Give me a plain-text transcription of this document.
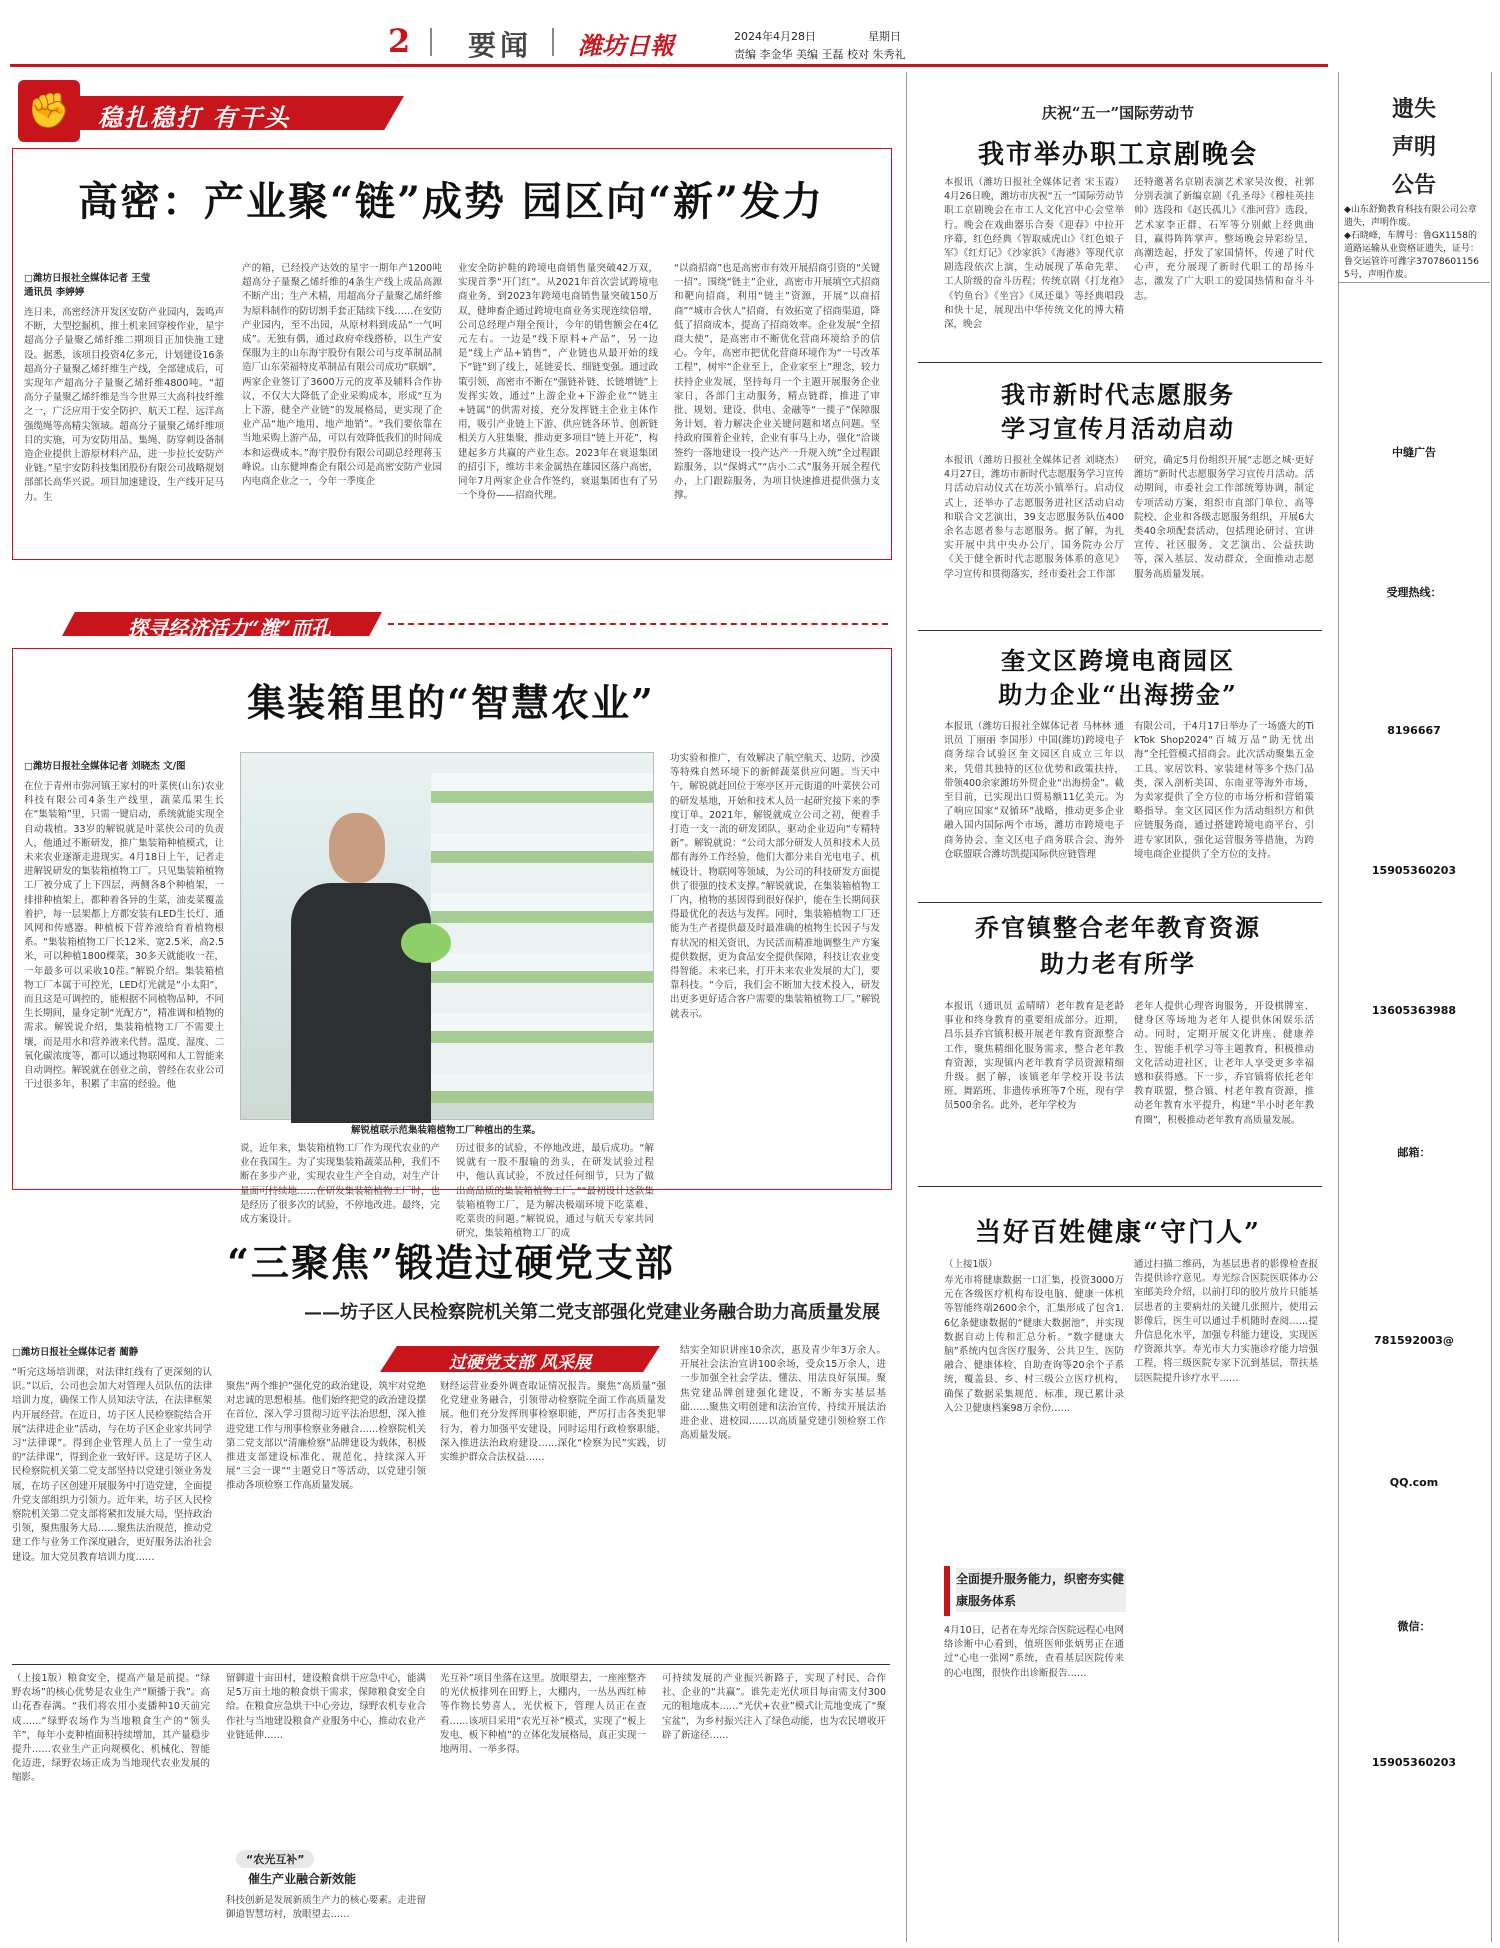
2 要闻 潍坊日報	2024年4月28日	星期日
责编 李金华 美编 王磊 校对 朱秀礼
✊	稳扎稳打 有干头
高密：产业聚“链”成势 园区向“新”发力
□潍坊日报社全媒体记者 王莹
通讯员 李婷婷
连日来，高密经济开发区安防产业园内，轰鸣声不断，大型挖掘机、推土机来回穿梭作业，星宇超高分子量聚乙烯纤维二期项目正加快施工建设。据悉，该项目投资4亿多元，计划建设16条超高分子量聚乙烯纤维生产线，全部建成后，可实现年产超高分子量聚乙烯纤维4800吨。“超高分子量聚乙烯纤维是当今世界三大高科技纤维之一，广泛应用于安全防护、航天工程、远洋高强缆绳等高精尖领域。超高分子量聚乙烯纤维项目的实施，可为安防用品、集绳、防穿刺设备制造企业提供上游原材料产品，进一步拉长安防产业链。”星宇安防科技集团股份有限公司战略规划部部长高华兴说。项目加速建设，生产线开足马力。生
产的箱，已经投产达效的星宇一期年产1200吨超高分子量聚乙烯纤维的4条生产线上成品高源不断产出；生产术精，用超高分子量聚乙烯纤维为原料制作的防切割手套正陆续下线……在安防产业园内，至不出园，从原材料到成品“一气呵成”。无独有偶，通过政府牵线搭桥，以生产安保服为主的山东海宇股份有限公司与皮革制品制造厂山东荣福特皮革制品有限公司成功“联姻”，两家企业签订了3600万元的皮革及辅料合作协议，不仅大大降低了企业采购成本，形成“互为上下游，健全产业链”的发展格局，更实现了企业产品“地产地用、地产地销”。“我们要依靠在当地采购上游产品，可以有效降低我们的时间成本和运费成本。”海宇股份有限公司副总经理蒋玉峰说。山东健坤畜企有限公司是高密安防产业园内电商企业之一，今年一季度企
业安全防护鞋的跨境电商销售量突破42万双，实现首季“开门红”。从2021年首次尝试跨境电商业务，到2023年跨境电商销售量突破150万双，健坤畜企通过跨境电商业务实现连续倍增，公司总经理卢翔全预计，今年的销售额会在4亿元左右。一边是“线下原料+产品”，另一边是“线上产品+销售”，产业链也从最开始的线下“链”到了线上，延链妥长、细链变强。通过政策引领，高密市不断在“强链补链、长链增链”上发挥实效，通过“上游企业+下游企业”“链主+链属”的供需对接，充分发挥链主企业主体作用，吸引产业链上下游、供应链各环节、创新链相关方入驻集聚，推动更多项目“链上开花”，构建起多方共赢的产业生态。2023年在衰退集团的招引下，维坊丰来金属热在雄园区落户高密，同年7月两家企业合作签约，衰退集团也有了另一个身份——招商代理。
“以商招商”也是高密市有效开展招商引资的“关键一招”。围绕“链主”企业，高密市开展填空式招商和靶向招商，利用“链主”资源，开展“以商招商”“城市合伙人”招商，有效拓宽了招商渠道，降低了招商成本，提高了招商效率。企业发展“全招商大使”，是高密市不断优化营商环境给予的信心。今年，高密市把优化营商环境作为“一号改革工程”，树牢“企业至上，企业家至上”理念，较力扶持企业发展，坚持每月一个主题开展服务企业家日，各部门主动服务，精点链群，推进了审批、规划、建设、供电、金融等“一揽子”保障服务计划，着力解决企业关键问题和堵点问题。坚持政府围着企业转，企业有事马上办，强化“洽谈签约一落地建设一投产达产一升规入统”全过程跟踪服务，以“保姆式”“店小二式”服务开展全程代办，上门跟踪服务，为项目快速推进提供强力支撑。
探寻经济活力“潍”而孔
集装箱里的“智慧农业”
□潍坊日报社全媒体记者 刘晓杰 文/图
在位于青州市弥河镇王家村的叶菜侠(山东)农业科技有限公司4条生产线里，蔬菜瓜果生长在“集装箱”里，只需一键启动，系统就能实现全自动栽植。33岁的解锐就是叶菜侠公司的负责人，他通过不断研发，推广集装箱种植模式，让未来农业逐渐走进现实。4月18日上午，记者走进解锐研发的集装箱植物工厂。只见集装箱植物工厂被分成了上下四层，两侧各8个种植架，一排排种植架上，都种着各异的生菜，油麦菜覆盖着护，每一层架都上方都安装有LED生长灯、通风网和传感器。种植板下营养液给育着植物根系。“集装箱植物工厂长12米、宽2.5米，高2.5米，可以种植1800棵菜，30多天就能收一茬，一年最多可以采收10茬。”解锐介绍。集装箱植物工厂本属于可控光，LED灯光就是“小太阳”，而且这是可调控的，能根据不同植物品种，不同生长期间，量身定制“光配方”，精准调和植物的需求。解锐说介绍，集装箱植物工厂不需要土壤，而是用水和营养液来代替。温度、湿度、二氧化碳浓度等，都可以通过物联网和人工智能来自动调控。解锐就在创业之前，曾经在农业公司干过很多年，积累了丰富的经验。他
解锐植联示范集装箱植物工厂种植出的生菜。
说，近年来，集装箱植物工厂作为现代农业的产业在我国生。为了实现集装箱蔬菜品种，我们不断在多步产业，实现农业生产全自动，对生产计量面可持续地……在研发集装箱植物工厂时，也是经历了很多次的试验，不停地改进。最终，完成方案设计。
历过很多的试验，不停地改进，最后成功。“解锐就有一股不服输的劲头，在研发试验过程中，他认真试验，不放过任何细节，只为了做出高品质的集装箱植物工厂。”“最初设计这款集装箱植物工厂，是为解决极端环境下吃菜难、吃菜贵的问题。”解锐说，通过与航天专家共同研究，集装箱植物工厂的成
功实验和推广，有效解决了航空航天、边防、沙漠等特殊自然环境下的新鲜蔬菜供应问题。当天中午，解锐就赶回位于寒亭区开元街道的叶菜侠公司的研发基地，开始和技术人员一起研究接下来的季度订单。2021年，解锐就成立公司之初，便着手打造一支一流的研发团队，驱动企业迈向“专精特新”。解锐就说：“公司大部分研发人员和技术人员都有海外工作经验，他们大都分来自光电电子、机械设计、物联网等领域，为公司的科技研发方面提供了很强的技术支撑。”解锐就说，在集装箱植物工厂内，植物的基因得到很好保护，能在生长期间获得最优化的表达与发挥。同时，集装箱植物工厂还能为生产者提供最及时最准确的植物生长因子与发育状况的相关资讯，为民活而精准地调整生产方案提供数据，更为食品安全提供保障，科技让农业变得智能。未来已来，打开未来农业发展的大门，要靠科技。“今后，我们会不断加大技术投入，研发出更多更好适合客户需要的集装箱植物工厂。”解锐就表示。
“三聚焦”锻造过硬党支部
——坊子区人民检察院机关第二党支部强化党建业务融合助力高质量发展
□潍坊日报社全媒体记者 蔺静
过硬党支部 风采展
“听完这场培训课，对法律红线有了更深刻的认识。”以后，公司也会加大对管理人员队伍的法律培训力度，确保工作人员知法守法，在法律框架内开展经营。在近日，坊子区人民检察院结合开展“法律进企业”活动，与在坊子区企业家共同学习“法律课”。得到企业管理人员上了一堂生动的“法律课”，得到企业一致好评。这是坊子区人民检察院机关第二党支部坚持以党建引领业务发展，在坊子区创建开展服务中打造党建，全面提升党支部组织力引领力。近年来，坊子区人民检察院机关第二党支部将紧扣发展大局，坚持政治引领，聚焦服务大局……聚焦法治规范，推动党建工作与业务工作深度融合，更好服务法治社会建设。加大党员教育培训力度……
聚焦“两个维护”强化党的政治建设，筑牢对党绝对忠诚的思想根基。他们始终把党的政治建设摆在首位，深入学习贯彻习近平法治思想，深入推进党建工作与刑事检察业务融合……检察院机关第二党支部以“清廉检察”品牌建设为载体，积极推进支部建设标准化、规范化，持续深入开展“三会一课”“主题党日”等活动，以党建引领推动各项检察工作高质量发展。
财经运营业委外调查取证情况报告。聚焦“高质量”强化党建业务融合，引领带动检察院全面工作高质量发展。他们充分发挥刑事检察职能，严厉打击各类犯罪行为，着力加强平安建设，同时运用行政检察职能，深入推进法治政府建设……深化“检察为民”实践，切实维护群众合法权益……
结实全知识讲座10余次，惠及青少年3万余人。开展社会法治宣讲100余场，受众15万余人，进一步加强全社会学法、懂法、用法良好氛围。聚焦党建品牌创建强化建设，不断夯实基层基础……聚焦文明创建和法治宣传，持续开展法治进企业、进校园……以高质量党建引领检察工作高质量发展。
（上接1版）粮食安全，提高产量是前提。“绿野农场”的核心优势是农业生产“顺播于我”。高山花香春满。“我们将农用小麦播种10天前完成……”绿野农场作为当地粮食生产的“领头羊”，每年小麦种植面积持续增加，其产量稳步提升……农业生产正向规模化、机械化、智能化迈进，绿野农场正成为当地现代农业发展的缩影。
留御道十亩田村，建设粮食烘干应急中心，能满足5万亩土地的粮食烘干需求，保障粮食安全自给。在粮食应急烘干中心旁边，绿野农机专业合作社与当地建设粮食产业服务中心，推动农业产业链延伸……
“农光互补”
催生产业融合新效能
科技创新是发展新质生产力的核心要素。走进留御道智慧坊村，放眼望去……
光互补”项目坐落在这里。放眼望去，一座座整齐的光伏板排列在田野上，大棚内，一丛丛西红柿等作物长势喜人，光伏板下，管理人员正在查看……该项目采用“农光互补”模式，实现了“板上发电、板下种植”的立体化发展格局，真正实现一地两用、一举多得。
可持续发展的产业振兴新路子，实现了村民、合作社、企业的“共赢”。谁先走光伏项目每亩需支付300元的租地成本……“光伏+农业”模式让荒地变成了“聚宝盆”，为乡村振兴注入了绿色动能，也为农民增收开辟了新途径……
庆祝“五一”国际劳动节
我市举办职工京剧晚会
本报讯（潍坊日报社全媒体记者 宋玉霞）4月26日晚，潍坊市庆祝“五一”国际劳动节职工京剧晚会在市工人文化宫中心会堂举行。晚会在戏曲器乐合奏《迎春》中拉开序幕，红色经典《智取威虎山》《红色娘子军》《红灯记》《沙家浜》《海港》等现代京剧选段依次上演，生动展现了革命先辈、工人阶级的奋斗历程；传统京剧《打龙袍》《钓鱼台》《坐宫》《凤还巢》等经典唱段和快十足，展现出中华传统文化的博大精深，晚会
还特邀著名京剧表演艺术家吴汝俊，社郭分别表演了新编京剧《孔圣母》《穆桂英挂帅》选段和《赵氏孤儿》《淮河营》选段，艺术家李正群、石军等分别献上经典曲目，赢得阵阵掌声。整场晚会异彩纷呈，高潮迭起，抒发了家国情怀，传递了时代心声，充分展现了新时代职工的昂扬斗志，激发了广大职工的爱国热情和奋斗斗志。
我市新时代志愿服务
学习宣传月活动启动
本报讯（潍坊日报社全媒体记者 刘晓杰）4月27日，潍坊市新时代志愿服务学习宣传月活动启动仪式在坊茨小镇举行。启动仪式上，还举办了志愿服务进社区活动启动和联合文艺演出，39支志愿服务队伍400余名志愿者参与志愿服务。据了解，为扎实开展中共中央办公厅、国务院办公厅《关于健全新时代志愿服务体系的意见》学习宣传和贯彻落实，经市委社会工作部
研究，确定5月份组织开展“志愿之城·更好潍坊”新时代志愿服务学习宣传月活动。活动期间，市委社会工作部统筹协调，制定专项活动方案，组织市直部门单位、高等院校、企业和各级志愿服务组织，开展6大类40余项配套活动，包括理论研讨、宣讲宣传、社区服务、文艺演出、公益扶助等，深入基层、发动群众，全面推动志愿服务高质量发展。
奎文区跨境电商园区
助力企业“出海捞金”
本报讯（潍坊日报社全媒体记者 马林林 通讯员 丁丽丽 李国彤）中国(潍坊)跨境电子商务综合试验区奎文园区自成立三年以来，凭借其独特的区位优势和政策扶持，带领400余家潍坊外贸企业“出海捞金”。截至目前，已实现出口贸易额11亿美元。为了响应国家“双循环”战略，推动更多企业融入国内国际两个市场，潍坊市跨境电子商务协会、奎文区电子商务联合会、海外仓联盟联合潍坊凯提国际供应链管理
有限公司，于4月17日举办了一场盛大的TikTok Shop2024“百城万品”助无忧出海”全托管模式招商会。此次活动聚集五金工具、家居饮料、家装建材等多个热门品类，深入剖析美国、东南亚等海外市场，为卖家提供了全方位的市场分析和营销策略指导。奎文区园区作为活动组织方和供应链服务商，通过搭建跨境电商平台，引进专家团队，强化运营服务等措施，为跨境电商企业提供了全方位的支持。
乔官镇整合老年教育资源
助力老有所学
本报讯（通讯员 孟晴晴）老年教育是老龄事业和终身教育的重要组成部分。近期，昌乐县乔官镇积极开展老年教育资源整合工作，聚焦精细化服务需求，整合老年教育资源，实现镇内老年教育学员资源精细升级。据了解，该镇老年学校开设书法班、舞蹈班、非遗传承班等7个班，现有学员500余名。此外，老年学校为
老年人提供心理咨询服务，开设棋牌室、健身区等场地为老年人提供休闲娱乐活动。同时，定期开展文化讲座、健康养生、智能手机学习等主题教育，积极推动文化活动进社区，让老年人享受更多幸福感和获得感。下一步，乔官镇将依托老年教育联盟，整合镇、村老年教育资源，推动老年教育水平提升，构建“半小时老年教育圈”，积极推动老年教育高质量发展。
当好百姓健康“守门人”
（上接1版）
寿光市将健康数据一口汇集，投资3000万元在各级医疗机构布设电脑、健康一体机等智能终端2600余个，汇集形成了包含1.6亿条健康数据的“健康大数据池”，并实现数据自动上传和汇总分析。“数字健康大脑”系统内包含医疗服务、公共卫生、医防融合、健康体检、自助查询等20余个子系统，覆盖县、乡、村三级公立医疗机构，确保了数据采集规范、标准，现已累计录入公卫健康档案98万余份……
全面提升服务能力，织密夯实健康服务体系
4月10日，记者在寿光综合医院远程心电网络诊断中心看到，值班医师张炳男正在通过“心电一张网”系统，查看基层医院传来的心电图，很快作出诊断报告……
通过扫描二维码，为基层患者的影像检查报告提供诊疗意见。寿光综合医院医联体办公室邮美玲介绍，以前打印的胶片放片只能基层患者的主要病灶的关键几张照片，使用云影像后，医生可以通过手机随时查阅……提升信息化水平，加强专科能力建设，实现医疗资源共享。寿光市大力实施诊疗能力培强工程，将三级医院专家下沉到基层，帮扶基层医院提升诊疗水平……
遗失
声明
公告
◆山东舒勤教育科技有限公司公章遗失，声明作废。
◆石晓峰，车牌号：鲁GX1158的道路运输从业资格证遗失，证号：鲁交运管许可潍字370786011565号，声明作废。
中缝广告
受理热线：
8196667
15905360203
13605363988
邮箱：
781592003@
QQ.com
微信：
15905360203
